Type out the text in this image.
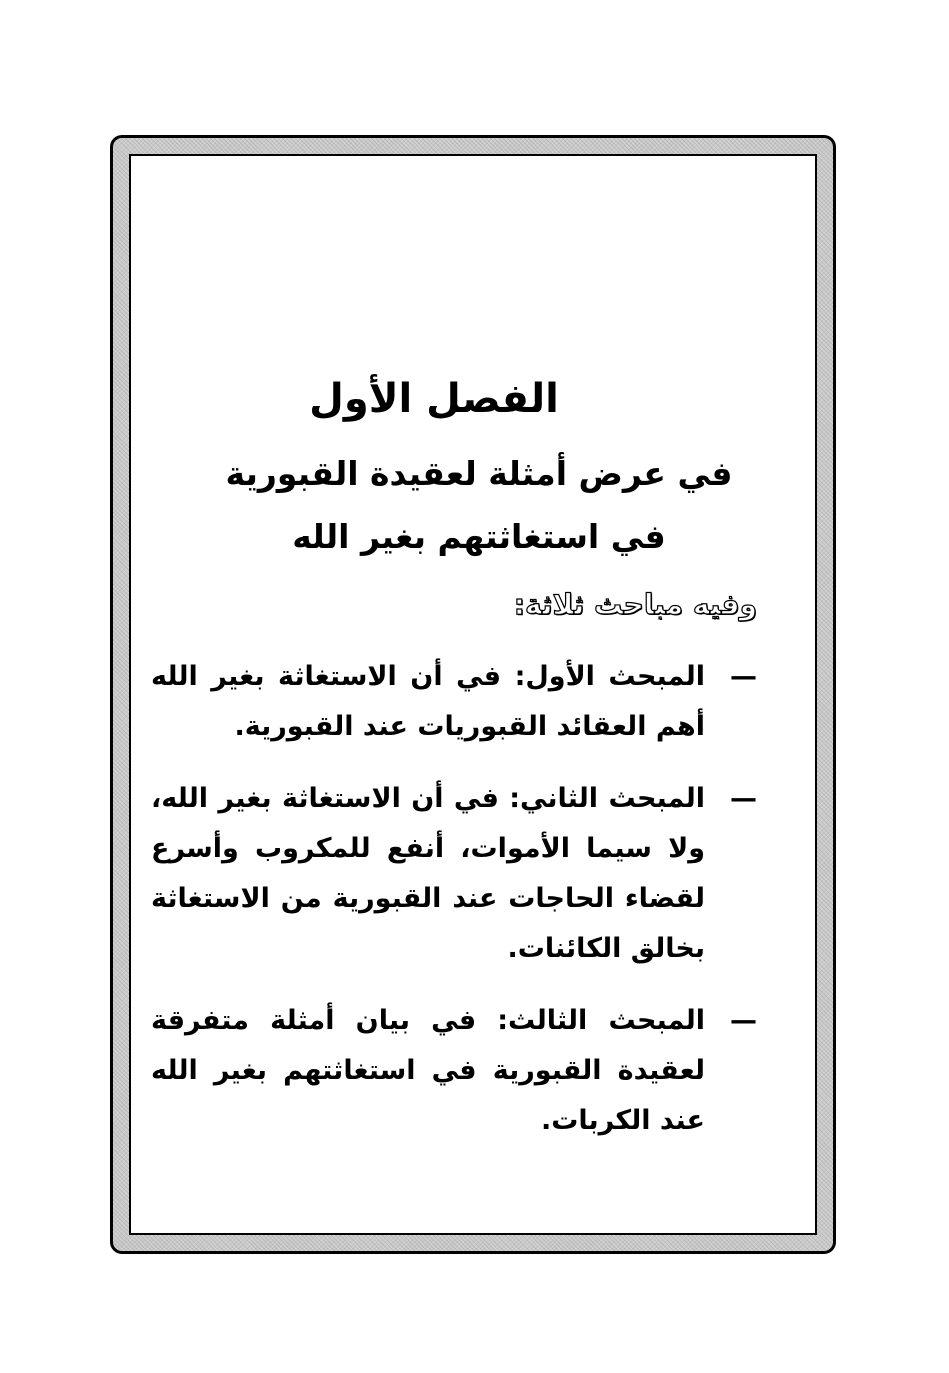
الفصل الأول
في عرض أمثلة لعقيدة القبورية
في استغاثتهم بغير الله
وفيه مباحث ثلاثة:
—
المبحث الأول: في أن الاستغاثة بغير الله أهم العقائد القبوريات عند القبورية.
—
المبحث الثاني: في أن الاستغاثة بغير الله، ولا سيما الأموات، أنفع للمكروب وأسرع لقضاء الحاجات عند القبورية من الاستغاثة بخالق الكائنات.
—
المبحث الثالث: في بيان أمثلة متفرقة لعقيدة القبورية في استغاثتهم بغير الله عند الكربات.
